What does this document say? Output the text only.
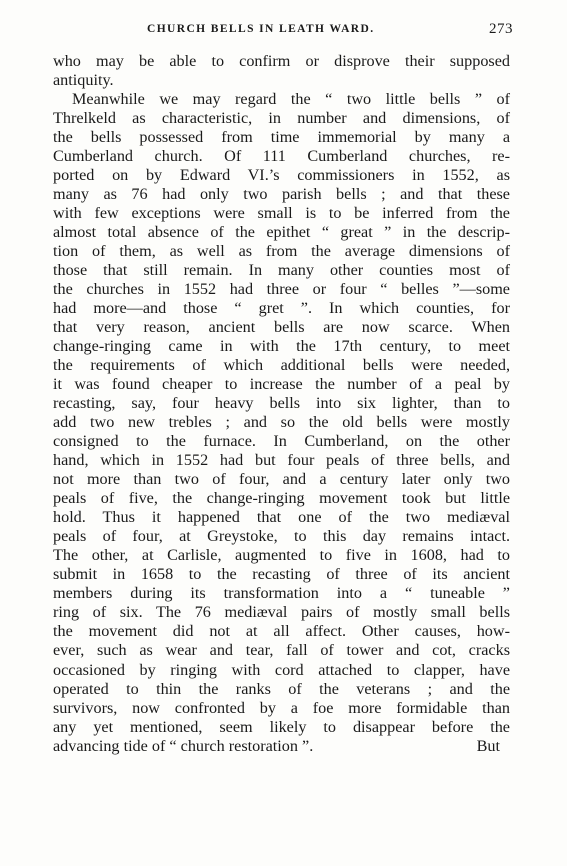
CHURCH BELLS IN LEATH WARD.	273
who may be able to confirm or disprove their supposed
antiquity.
Meanwhile we may regard the “ two little bells ” of
Threlkeld as characteristic, in number and dimensions, of
the bells possessed from time immemorial by many a
Cumberland church. Of 111 Cumberland churches, re-
ported on by Edward VI.’s commissioners in 1552, as
many as 76 had only two parish bells ; and that these
with few exceptions were small is to be inferred from the
almost total absence of the epithet “ great ” in the descrip-
tion of them, as well as from the average dimensions of
those that still remain. In many other counties most of
the churches in 1552 had three or four “ belles ”—some
had more—and those “ gret ”. In which counties, for
that very reason, ancient bells are now scarce. When
change-ringing came in with the 17th century, to meet
the requirements of which additional bells were needed,
it was found cheaper to increase the number of a peal by
recasting, say, four heavy bells into six lighter, than to
add two new trebles ; and so the old bells were mostly
consigned to the furnace. In Cumberland, on the other
hand, which in 1552 had but four peals of three bells, and
not more than two of four, and a century later only two
peals of five, the change-ringing movement took but little
hold. Thus it happened that one of the two mediæval
peals of four, at Greystoke, to this day remains intact.
The other, at Carlisle, augmented to five in 1608, had to
submit in 1658 to the recasting of three of its ancient
members during its transformation into a “ tuneable ”
ring of six. The 76 mediæval pairs of mostly small bells
the movement did not at all affect. Other causes, how-
ever, such as wear and tear, fall of tower and cot, cracks
occasioned by ringing with cord attached to clapper, have
operated to thin the ranks of the veterans ; and the
survivors, now confronted by a foe more formidable than
any yet mentioned, seem likely to disappear before the
advancing tide of “ church restoration ”.	But
